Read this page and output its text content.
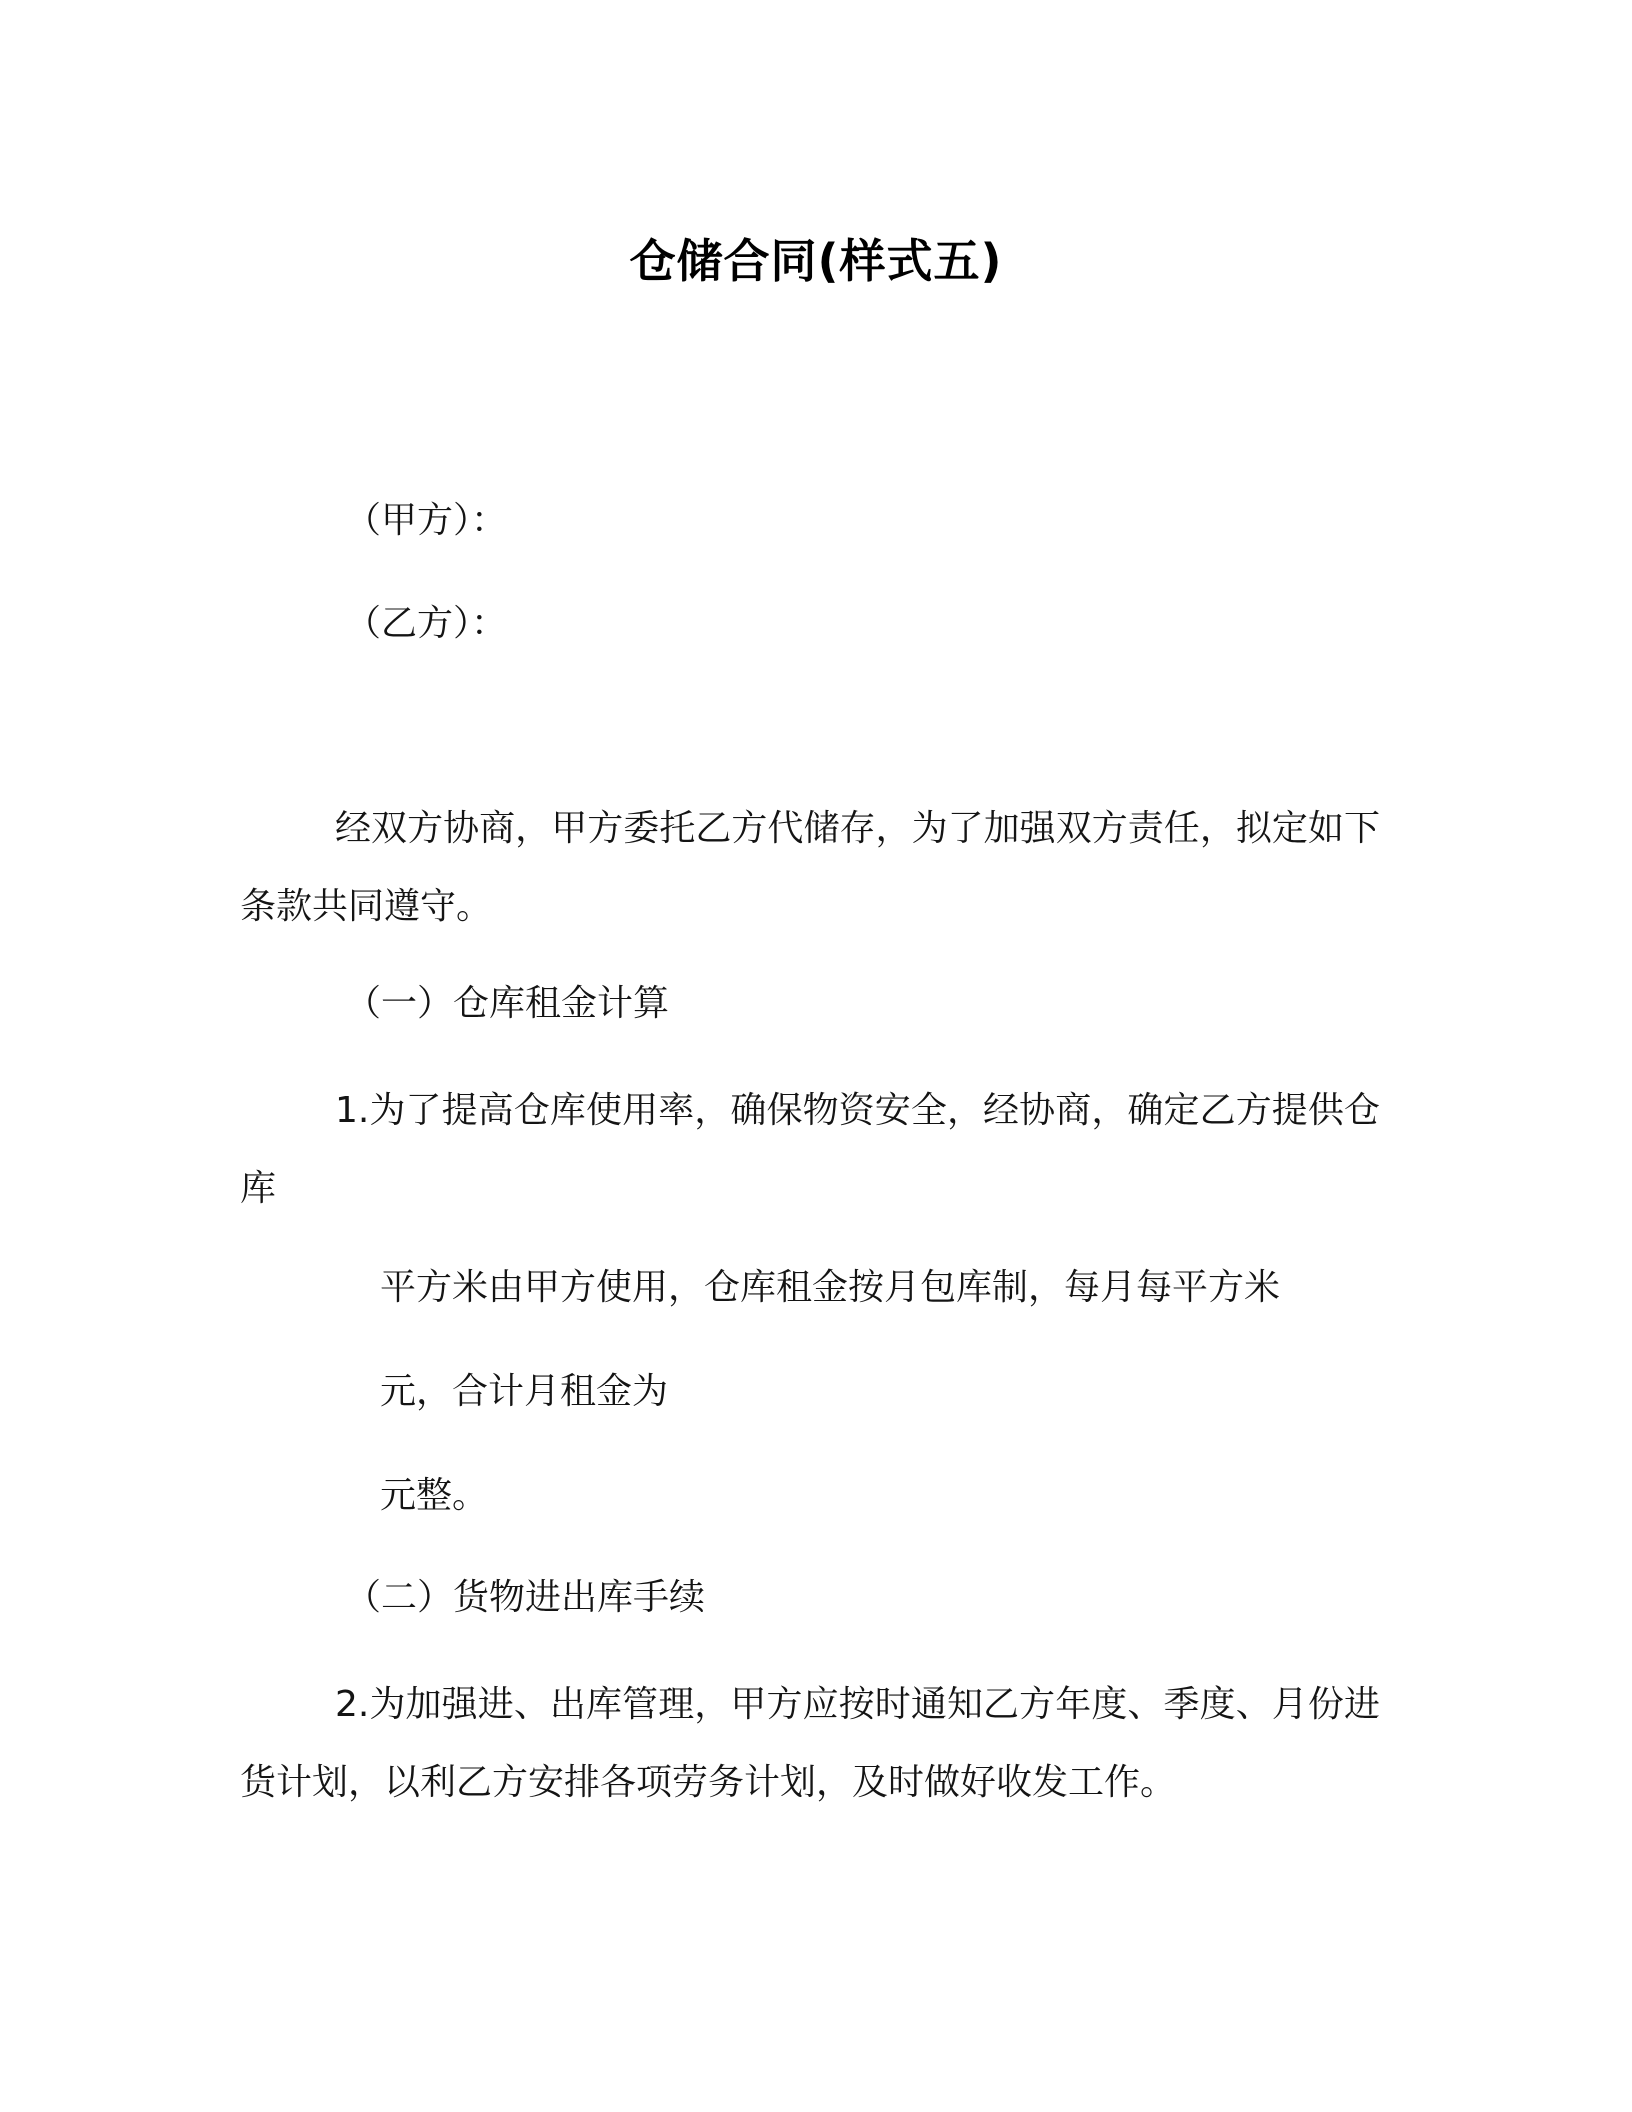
仓储合同(样式五)
（甲方）：
（乙方）：
经双方协商，甲方委托乙方代储存，为了加强双方责任，拟定如下条款共同遵守。
（一）仓库租金计算
1.为了提高仓库使用率，确保物资安全，经协商，确定乙方提供仓库
平方米由甲方使用，仓库租金按月包库制，每月每平方米
元，合计月租金为
元整。
（二）货物进出库手续
2.为加强进、出库管理，甲方应按时通知乙方年度、季度、月份进货计划，以利乙方安排各项劳务计划，及时做好收发工作。
